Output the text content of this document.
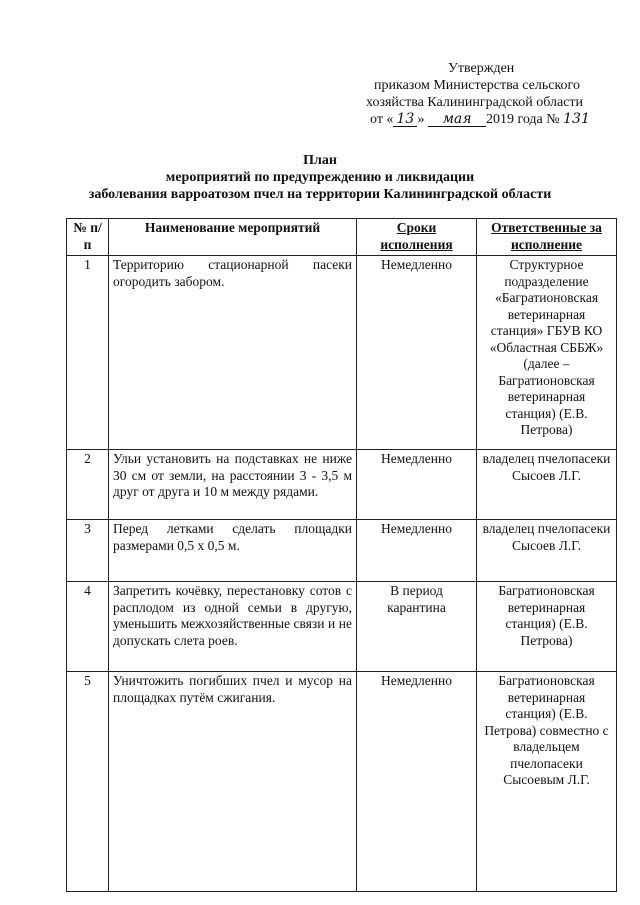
Утвержден
приказом Министерства сельского
хозяйства Калининградской области
от « 13 » мая 2019 года № 131
План
мероприятий по предупреждению и ликвидации
заболевания варроатозом пчел на территории Калининградской области
№ п/п	Наименование мероприятий	Сроки исполнения	Ответственные за исполнение
1	Территорию стационарной пасеки огородить забором.	Немедленно	Структурное подразделение «Багратионовская ветеринарная станция» ГБУВ КО «Областная СББЖ» (далее – Багратионовская ветеринарная станция) (Е.В. Петрова)
2	Ульи установить на подставках не ниже 30 см от земли, на расстоянии 3 - 3,5 м друг от друга и 10 м между рядами.	Немедленно	владелец пчелопасеки Сысоев Л.Г.
3	Перед летками сделать площадки размерами 0,5 х 0,5 м.	Немедленно	владелец пчелопасеки Сысоев Л.Г.
4	Запретить кочёвку, перестановку сотов с расплодом из одной семьи в другую, уменьшить межхозяйственные связи и не допускать слета роев.	В период карантина	Багратионовская ветеринарная станция) (Е.В. Петрова)
5	Уничтожить погибших пчел и мусор на площадках путём сжигания.	Немедленно	Багратионовская ветеринарная станция) (Е.В. Петрова) совместно с владельцем пчелопасеки Сысоевым Л.Г.
